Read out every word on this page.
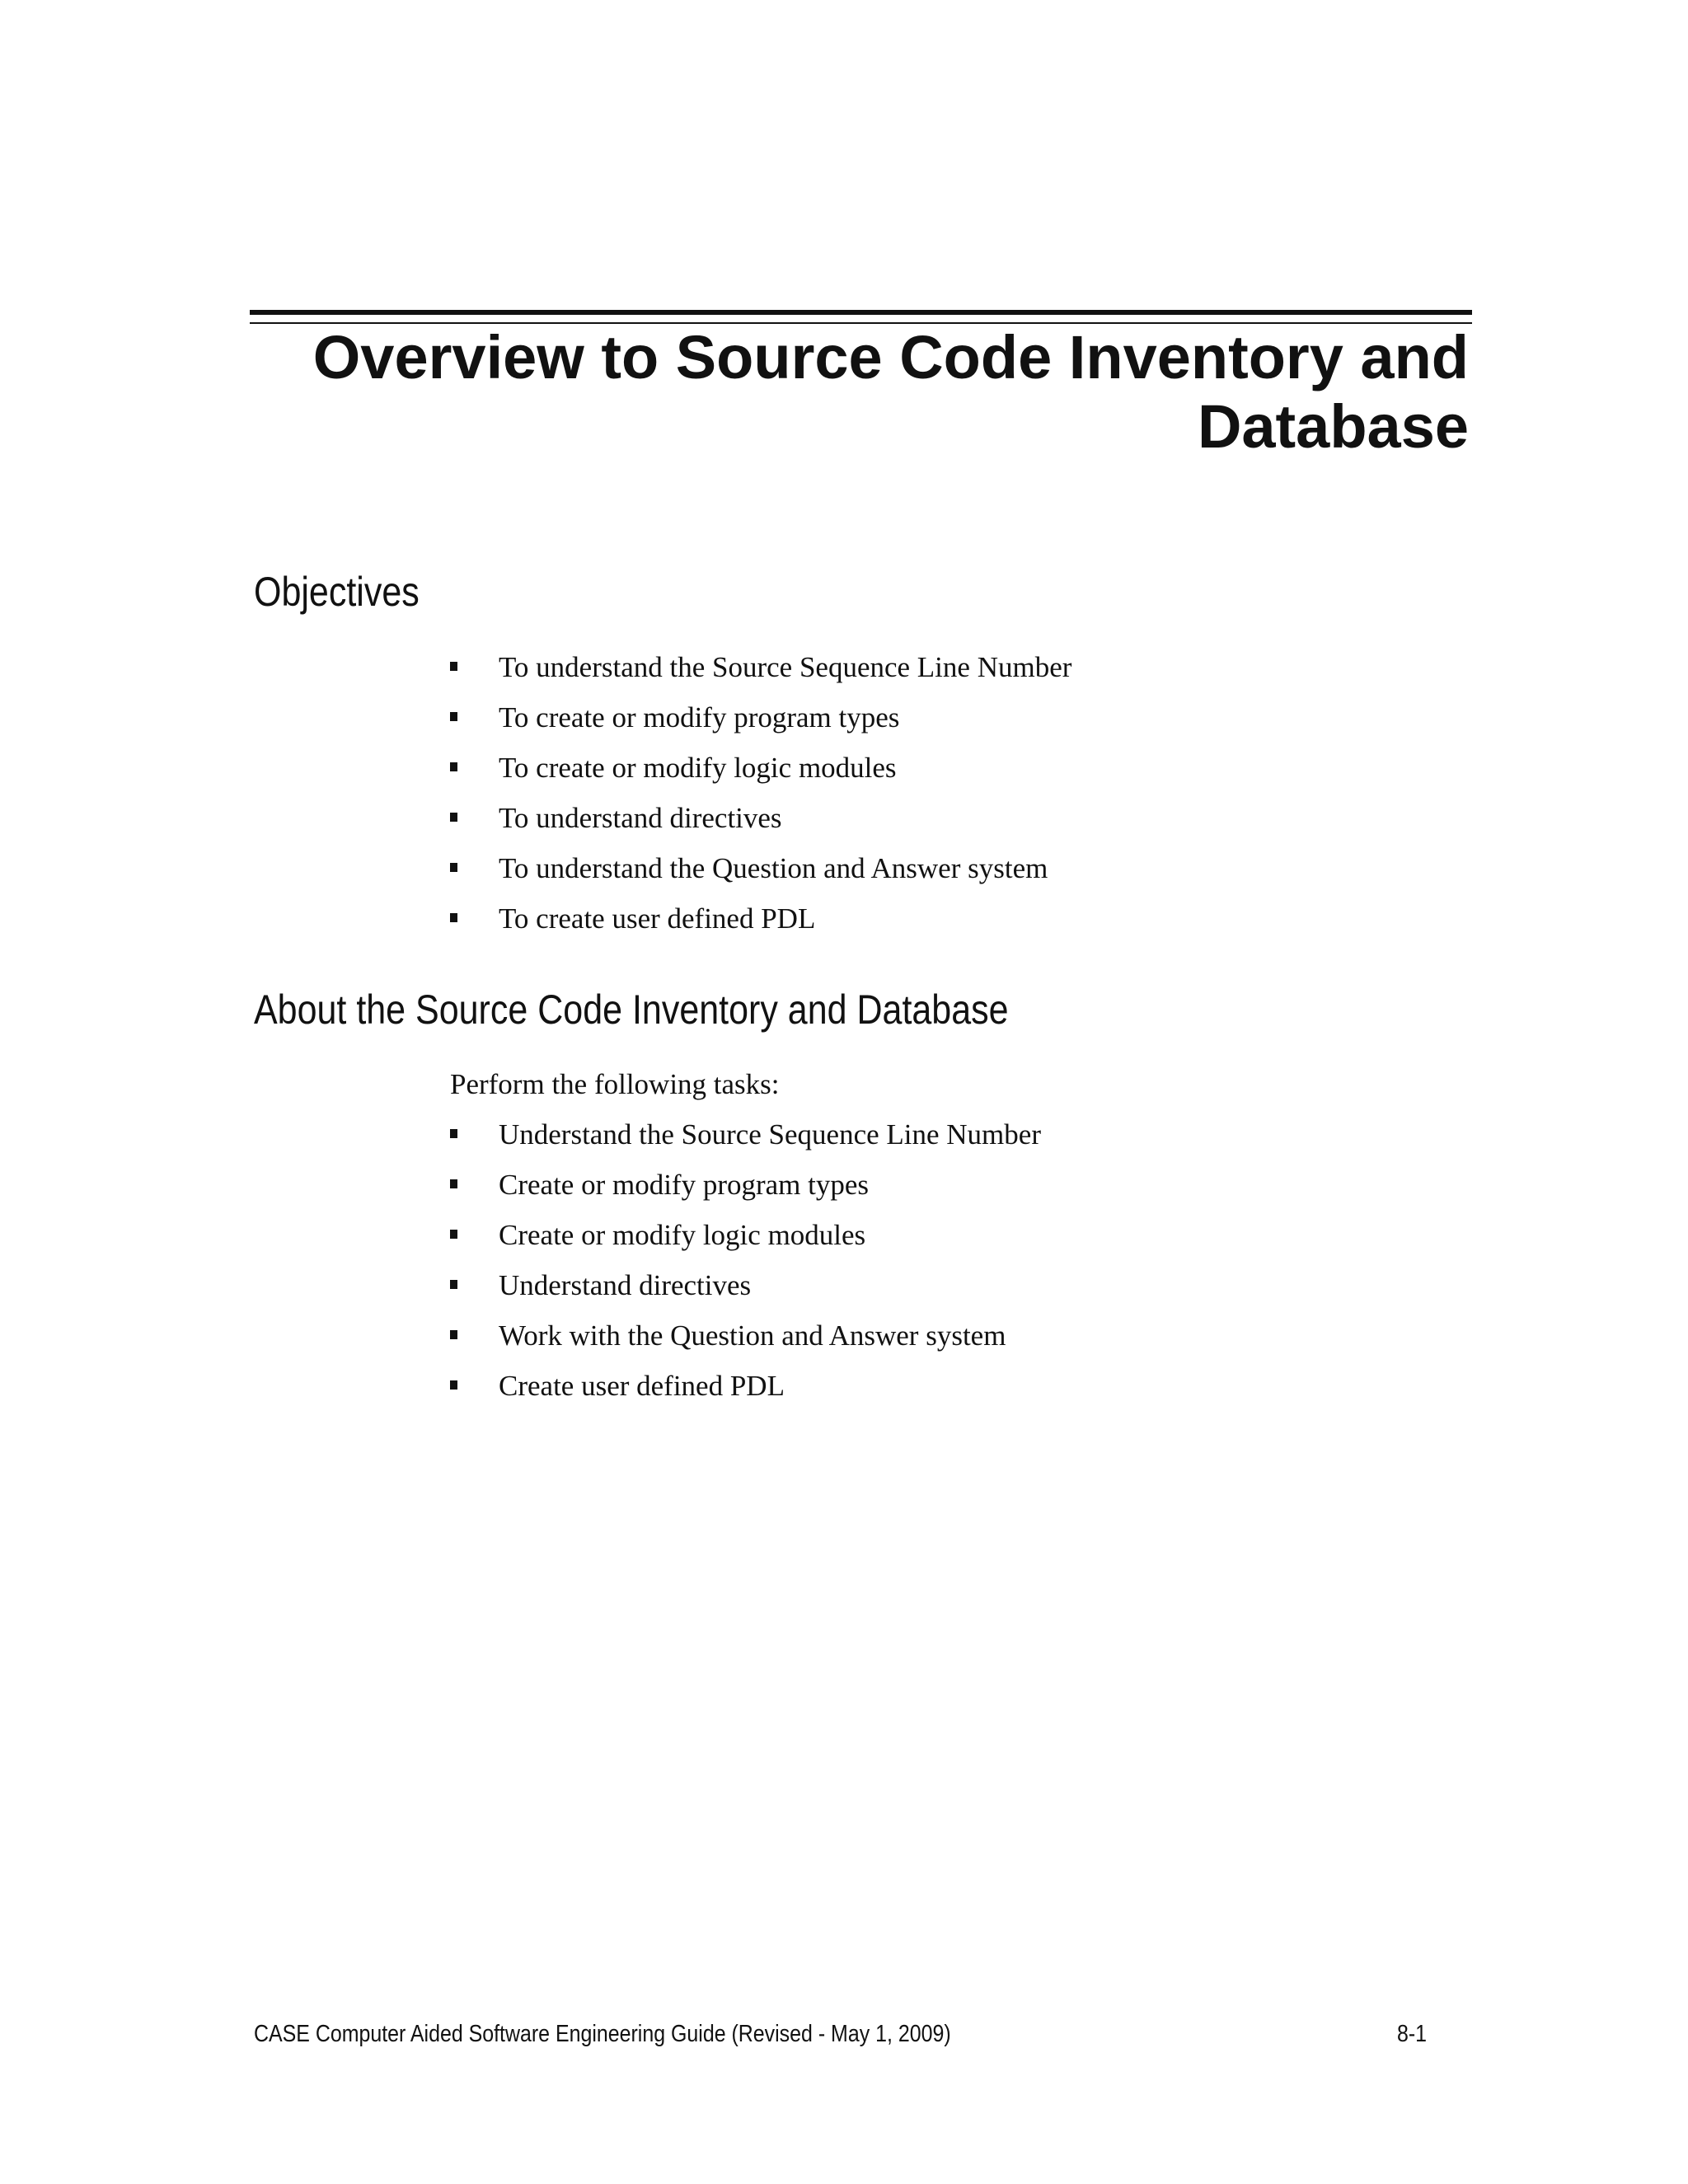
Overview to Source Code Inventory and
Database
Objectives
To understand the Source Sequence Line Number
To create or modify program types
To create or modify logic modules
To understand directives
To understand the Question and Answer system
To create user defined PDL
About the Source Code Inventory and Database

Perform the following tasks:

Understand the Source Sequence Line Number
Create or modify program types
Create or modify logic modules
Understand directives
Work with the Question and Answer system
Create user defined PDL
CASE Computer Aided Software Engineering Guide (Revised - May 1, 2009)	8-1
